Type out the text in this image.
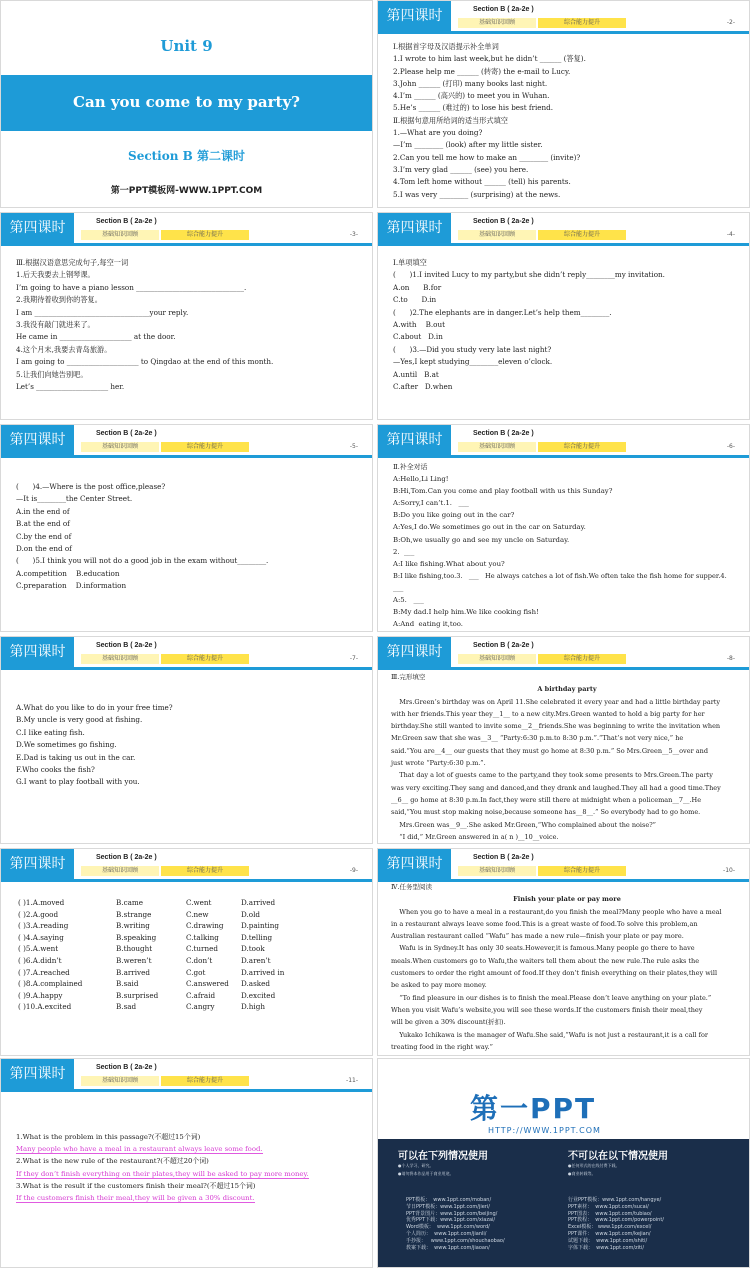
Unit 9
Can you come to my party?
Section B 第二课时
第一PPT模板网-WWW.1PPT.COM
第四课时	Section B ( 2a-2e )
基础知识回顾	综合能力提升	-2-
Ⅰ.根据首字母及汉语提示补全单词
1.I wrote to him last week,but he didn’t ______ (答复).
2.Please help me ______ (转寄) the e-mail to Lucy.
3.John ______ (打印) many books last night.
4.I’m ______ (高兴的) to meet you in Wuhan.
5.He’s ______ (难过的) to lose his best friend.
Ⅱ.根据句意用所给词的适当形式填空
1.—What are you doing?
—I’m ________ (look) after my little sister.
2.Can you tell me how to make an ________ (invite)?
3.I’m very glad ______ (see) you here.
4.Tom left home without ______ (tell) his parents.
5.I was very ________ (surprising) at the news.
第四课时	Section B ( 2a-2e )
基础知识回顾	综合能力提升	-3-
Ⅲ.根据汉语意思完成句子,每空一词
1.后天我要去上钢琴课。
I’m going to have a piano lesson ______________________________.
2.我期待着收到你的答复。
I am ________________________________your reply.
3.我没有敲门就进来了。
He came in ____________________ at the door.
4.这个月末,我要去青岛旅游。
I am going to ____________________ to Qingdao at the end of this month.
5.让我们向她告别吧。
Let’s ____________________ her.
第四课时	Section B ( 2a-2e )
基础知识回顾	综合能力提升	-4-
Ⅰ.单项填空
(      )1.I invited Lucy to my party,but she didn’t reply________my invitation.
A.on      B.for
C.to      D.in
(      )2.The elephants are in danger.Let’s help them________.
A.with    B.out
C.about   D.in
(      )3.—Did you study very late last night?
—Yes,I kept studying________eleven o’clock.
A.until   B.at
C.after   D.when
第四课时	Section B ( 2a-2e )
基础知识回顾	综合能力提升	-5-
(      )4.—Where is the post office,please?
—It is________the Center Street.
A.in the end of
B.at the end of
C.by the end of
D.on the end of
(      )5.I think you will not do a good job in the exam without________.
A.competition    B.education
C.preparation    D.information
第四课时	Section B ( 2a-2e )
基础知识回顾	综合能力提升	-6-
Ⅱ.补全对话
A:Hello,Li Ling!
B:Hi,Tom.Can you come and play football with us this Sunday?
A:Sorry,I can’t.1.   ___
B:Do you like going out in the car?
A:Yes,I do.We sometimes go out in the car on Saturday.
B:Oh,we usually go and see my uncle on Saturday.
2.  ___
A:I like fishing.What about you?
B:I like fishing,too.3.   ___   He always catches a lot of fish.We often take the fish home for supper.4.
___
A:5.   ___
B:My dad.I help him.We like cooking fish!
A:And  eating it,too.
第四课时	Section B ( 2a-2e )
基础知识回顾	综合能力提升	-7-
A.What do you like to do in your free time?
B.My uncle is very good at fishing.
C.I like eating fish.
D.We sometimes go fishing.
E.Dad is taking us out in the car.
F.Who cooks the fish?
G.I want to play football with you.
第四课时	Section B ( 2a-2e )
基础知识回顾	综合能力提升	-8-
Ⅲ.完形填空
A birthday party
Mrs.Green’s birthday was on April 11.She celebrated it every year and had a little birthday party
with her friends.This year they__1__ to a new city.Mrs.Green wanted to hold a big party for her
birthday.She still wanted to invite some__2__friends.She was beginning to write the invitation when
Mr.Green saw that she was__3__ “Party:6:30 p.m.to 8:30 p.m.”.“That’s not very nice,” he
said.“You are__4__ our guests that they must go home at 8:30 p.m.” So Mrs.Green__5__over and
just wrote “Party:6:30 p.m.”.
That day a lot of guests came to the party,and they took some presents to Mrs.Green.The party
was very exciting.They sang and danced,and they drank and laughed.They all had a good time.They
__6__ go home at 8:30 p.m.In fact,they were still there at midnight when a policeman__7__.He
said,“You must stop making noise,because someone has__8__.” So everybody had to go home.
Mrs.Green was__9__.She asked Mr.Green,“Who complained about the noise?”
“I did,” Mr.Green answered in a( n )__10__voice.
第四课时	Section B ( 2a-2e )
基础知识回顾	综合能力提升	-9-
( )1.A.moved	B.came	C.went	D.arrived
( )2.A.good	B.strange	C.new	D.old
( )3.A.reading	B.writing	C.drawing D.painting
( )4.A.saying	B.speaking	C.talking	D.telling
( )5.A.went	B.thought	C.turned	D.took
( )6.A.didn’t	B.weren’t	C.don’t	D.aren’t
( )7.A.reached	B.arrived	C.got	D.arrived in
( )8.A.complained	B.said	C.answered D.asked
( )9.A.happy	B.surprised	C.afraid	D.excited
( )10.A.excited	B.sad	C.angry	D.high
第四课时	Section B ( 2a-2e )
基础知识回顾	综合能力提升	-10-
Ⅳ.任务型阅读
Finish your plate or pay more
When you go to have a meal in a restaurant,do you finish the meal?Many people who have a meal
in a restaurant always leave some food.This is a great waste of food.To solve this problem,an
Australian restaurant called “Wafu” has made a new rule—finish your plate or pay more.
Wafu is in Sydney.It has only 30 seats.However,it is famous.Many people go there to have
meals.When customers go to Wafu,the waiters tell them about the new rule.The rule asks the
customers to order the right amount of food.If they don’t finish everything on their plates,they will
be asked to pay more money.
“To find pleasure in our dishes is to finish the meal.Please don’t leave anything on your plate.”
When you visit Wafu’s website,you will see these words.If the customers finish their meal,they
will be given a 30% discount(折扣).
Yukako Ichikawa is the manager of Wafu.She said,“Wafu is not just a restaurant,it is a call for
treating food in the right way.”
第四课时	Section B ( 2a-2e )
基础知识回顾	综合能力提升	-11-
1.What is the problem in this passage?(不超过15个词)
Many people who have a meal in a restaurant always leave some food.
2.What is the new rule of the restaurant?(不超过20个词)
If they don’t finish everything on their plates,they will be asked to pay more money.
3.What is the result if the customers finish their meal?(不超过15个词)
If the customers finish their meal,they will be given a 30% discount.
第一PPT
HTTP://WWW.1PPT.COM
可以在下列情况使用	不可以在以下情况使用
●个人学习、研究。
●请勿将本作品用于商业用途。
●任何形式的在线付费下载。
●商业转载等。
PPT模板：  www.1ppt.com/moban/
节日PPT模板：www.1ppt.com/jieri/
PPT背景图片：www.1ppt.com/beijing/
优秀PPT下载：www.1ppt.com/xiazai/
Word模板：  www.1ppt.com/word/
个人简历：  www.1ppt.com/jianli/
手抄报：   www.1ppt.com/shouchaobao/
教案下载：  www.1ppt.com/jiaoan/
行业PPT模板：www.1ppt.com/hangye/
PPT素材：  www.1ppt.com/sucai/
PPT图表：  www.1ppt.com/tubiao/
PPT教程：  www.1ppt.com/powerpoint/
Excel模板： www.1ppt.com/excel/
PPT课件：  www.1ppt.com/kejian/
试题下载：  www.1ppt.com/shiti/
字体下载：  www.1ppt.com/ziti/
